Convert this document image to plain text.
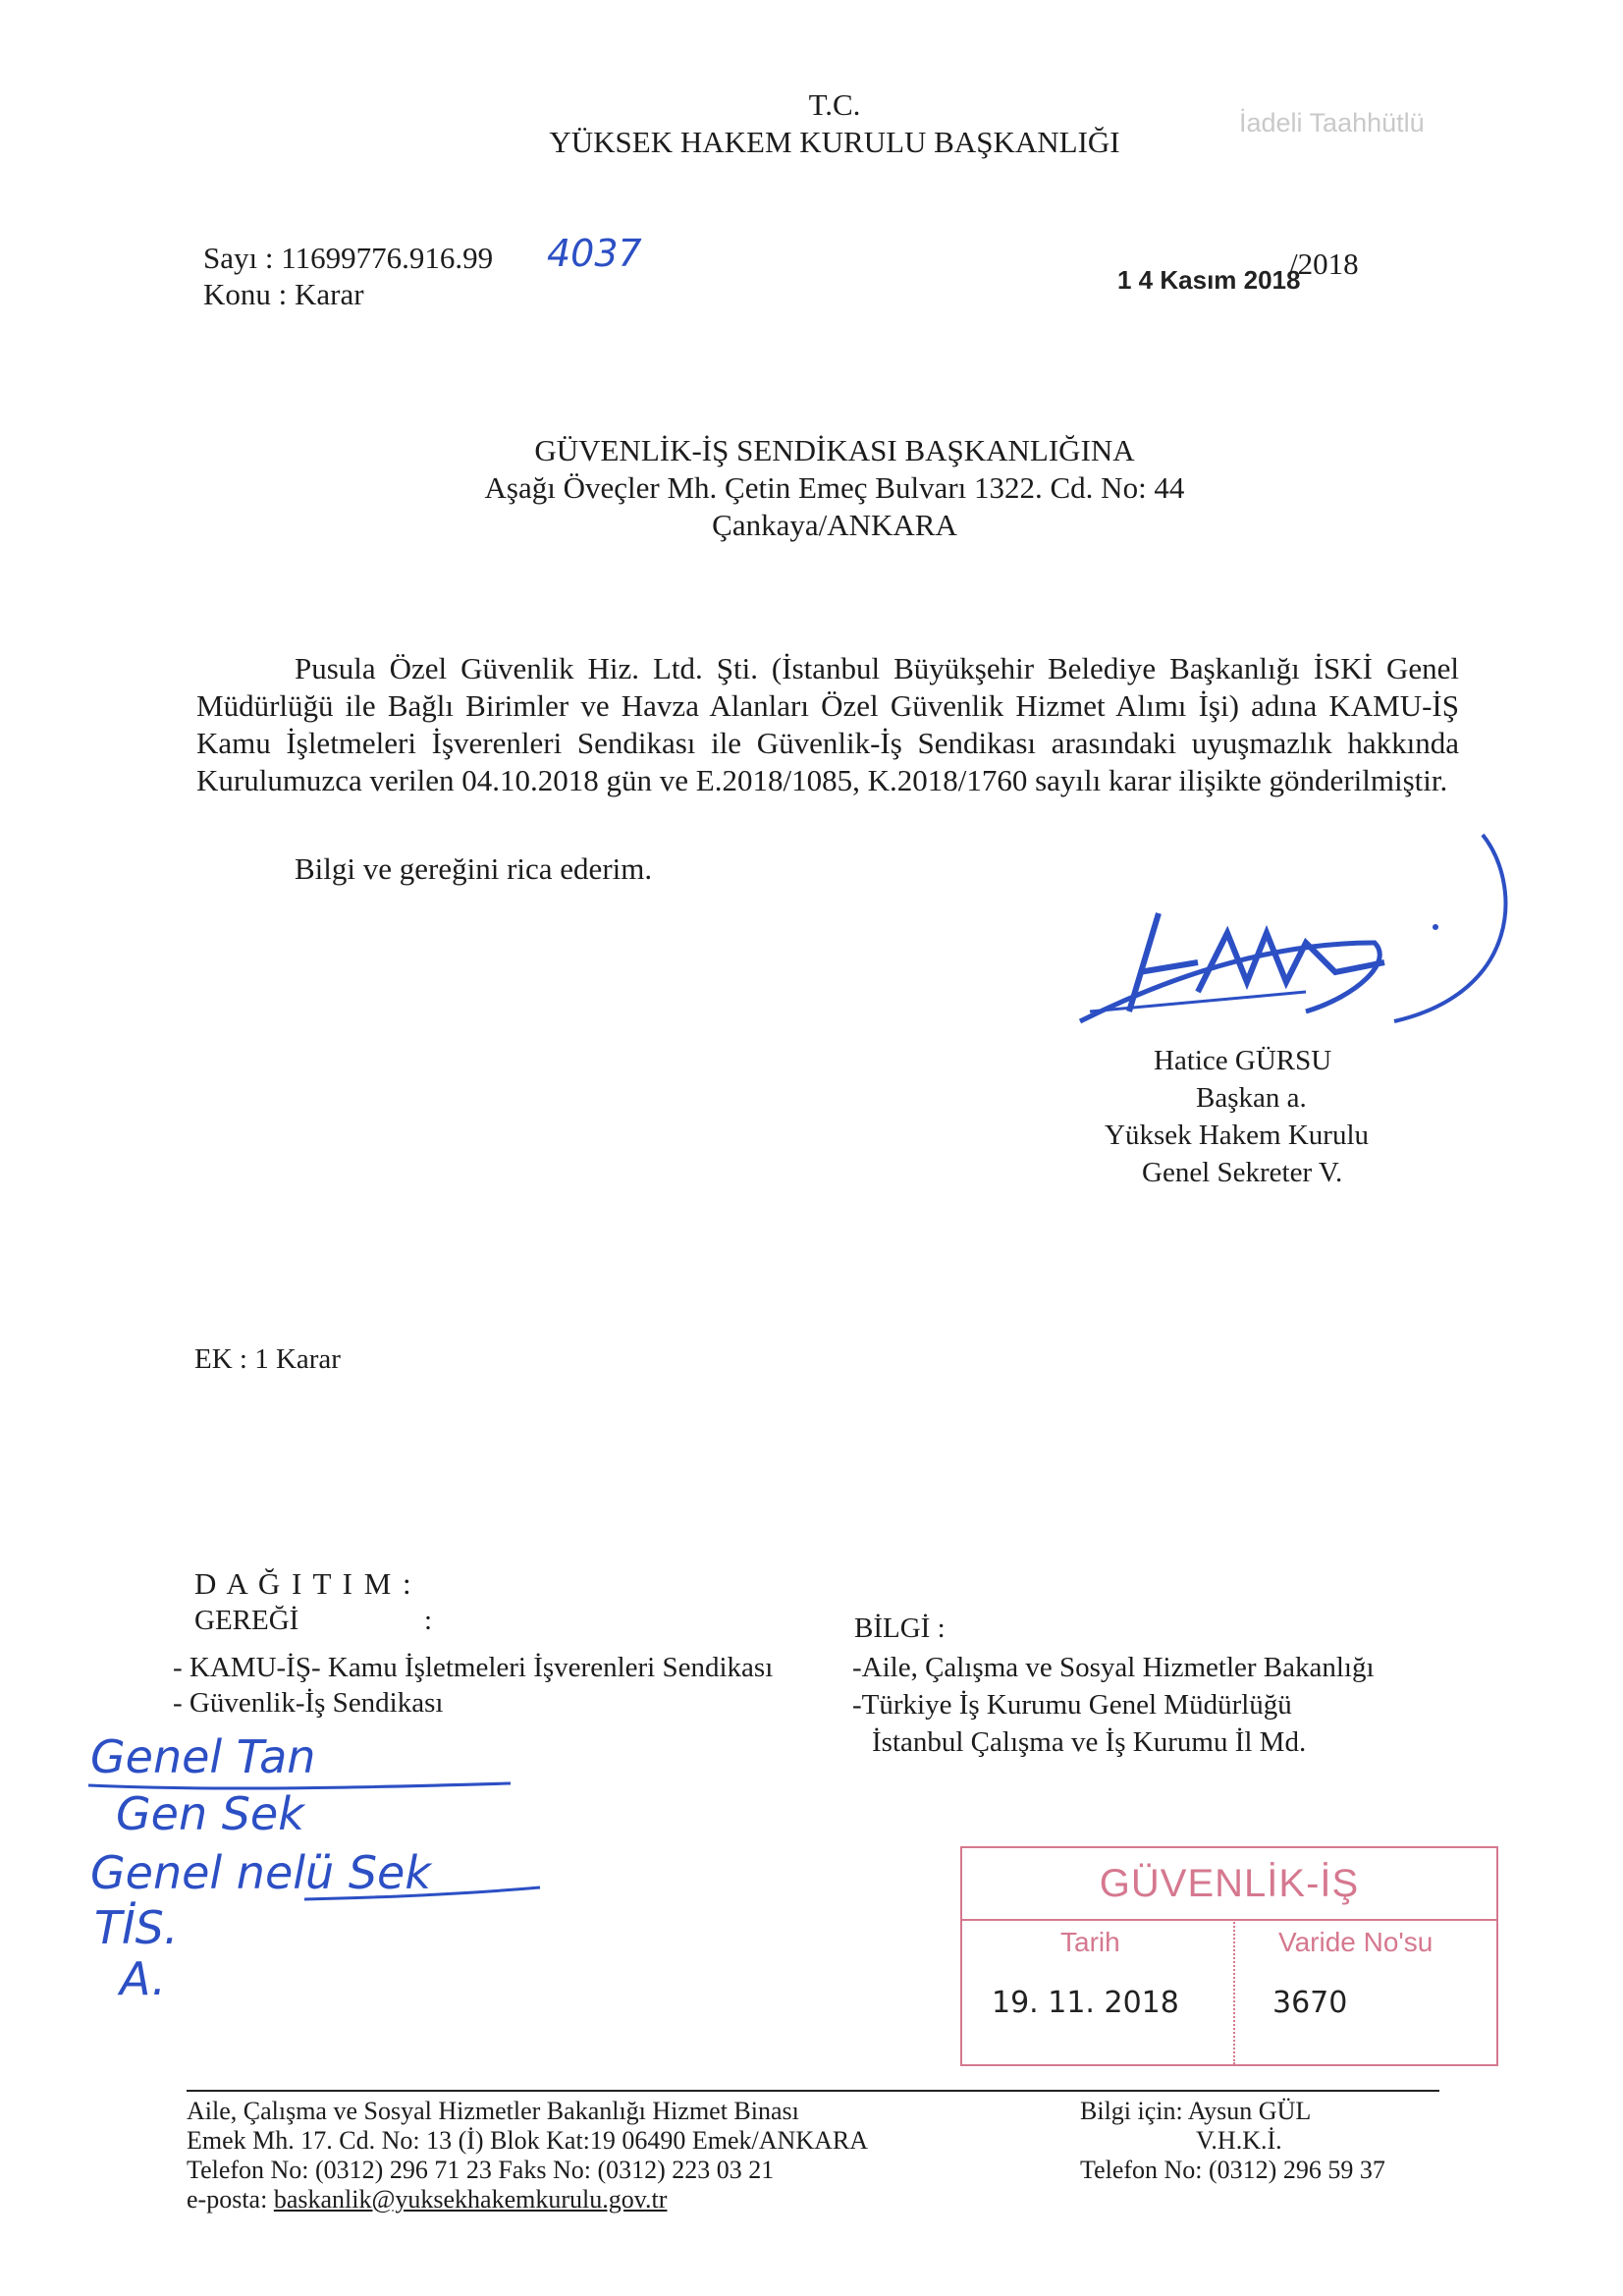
T.C.
YÜKSEK HAKEM KURULU BAŞKANLIĞI
İadeli Taahhütlü
Sayı : 11699776.916.99 4037
Konu : Karar	1 4 Kasım 2018
/2018
GÜVENLİK-İŞ SENDİKASI BAŞKANLIĞINA
Aşağı Öveçler Mh. Çetin Emeç Bulvarı 1322. Cd. No: 44
Çankaya/ANKARA
Pusula Özel Güvenlik Hiz. Ltd. Şti. (İstanbul Büyükşehir Belediye Başkanlığı İSKİ Genel Müdürlüğü ile Bağlı Birimler ve Havza Alanları Özel Güvenlik Hizmet Alımı İşi) adına KAMU-İŞ Kamu İşletmeleri İşverenleri Sendikası ile Güvenlik-İş Sendikası arasındaki uyuşmazlık hakkında Kurulumuzca verilen 04.10.2018 gün ve E.2018/1085, K.2018/1760 sayılı karar ilişikte gönderilmiştir.
Bilgi ve gereğini rica ederim.
Hatice GÜRSU
Başkan a.
Yüksek Hakem Kurulu
Genel Sekreter V.
EK : 1 Karar
D A Ğ I T I M :
GEREĞİ	:
- KAMU-İŞ- Kamu İşletmeleri İşverenleri Sendikası
- Güvenlik-İş Sendikası
BİLGİ :
-Aile, Çalışma ve Sosyal Hizmetler Bakanlığı
-Türkiye İş Kurumu Genel Müdürlüğü
İstanbul Çalışma ve İş Kurumu İl Md.
Genel Tan
Gen Sek
Genel nelü Sek
TİS.
A.
GÜVENLİK-İŞ
Tarih	Varide No'su
19. 11. 2018	3670
Aile, Çalışma ve Sosyal Hizmetler Bakanlığı Hizmet Binası
Emek Mh. 17. Cd. No: 13 (İ) Blok Kat:19 06490 Emek/ANKARA
Telefon No: (0312) 296 71 23 Faks No: (0312) 223 03 21
e-posta: baskanlik@yuksekhakemkurulu.gov.tr
Bilgi için: Aysun GÜL
V.H.K.İ.
Telefon No: (0312) 296 59 37
